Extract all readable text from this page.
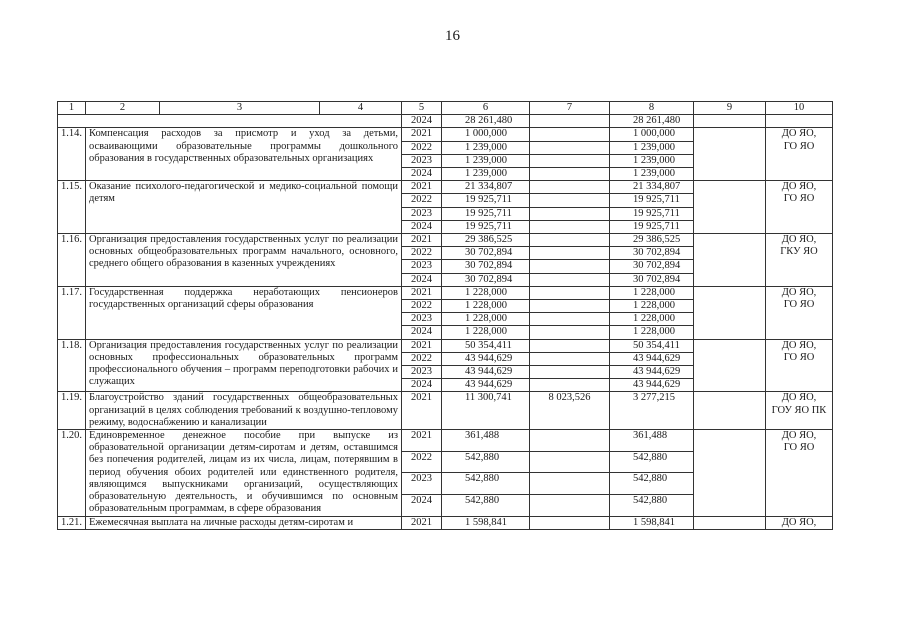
16
1	2	3	4	5	6	7	8	9	10

				2024	28 261,480		28 261,480		

1.14.	Компенсация расходов за присмотр и уход за детьми, осваивающими образовательные программы дошкольного образования в государственных образовательных организациях			2021	1 000,000		1 000,000		ДО ЯО,
ГО ЯО

				2022	1 239,000		1 239,000		

				2023	1 239,000		1 239,000		

				2024	1 239,000		1 239,000		

1.15.	Оказание психолого-педагогической и медико-социальной помощи детям			2021	21 334,807		21 334,807		ДО ЯО,
ГО ЯО

				2022	19 925,711		19 925,711		

				2023	19 925,711		19 925,711		

				2024	19 925,711		19 925,711		

1.16.	Организация предоставления государственных услуг по реализации основных общеобразовательных программ начального, основного, среднего общего образования в казенных учреждениях			2021	29 386,525		29 386,525		ДО ЯО,
ГКУ ЯО

				2022	30 702,894		30 702,894		

				2023	30 702,894		30 702,894		

				2024	30 702,894		30 702,894		

1.17.	Государственная поддержка неработающих пенсионеров государственных организаций сферы образования			2021	1 228,000		1 228,000		ДО ЯО,
ГО ЯО

				2022	1 228,000		1 228,000		

				2023	1 228,000		1 228,000		

				2024	1 228,000		1 228,000		

1.18.	Организация предоставления государственных услуг по реализации основных профессиональных образовательных программ профессионального обучения – программ переподготовки рабочих и служащих			2021	50 354,411		50 354,411		ДО ЯО,
ГО ЯО

				2022	43 944,629		43 944,629		

				2023	43 944,629		43 944,629		

				2024	43 944,629		43 944,629		

1.19.	Благоустройство зданий государственных общеобразовательных организаций в целях соблюдения требований к воздушно-тепловому режиму, водоснабжению и канализации			2021	11 300,741	8 023,526	3 277,215		ДО ЯО,
ГОУ ЯО ПК
1.20.	Единовременное денежное пособие при выпуске из образовательной организации детям-сиротам и детям, оставшимся без попечения родителей, лицам из их числа, лицам, потерявшим в период обучения обоих родителей или единственного родителя, являющимся выпускниками организаций, осуществляющих образовательную деятельность, и обучившимся по основным образовательным программам, в сфере образования			2021	361,488		361,488		ДО ЯО,
ГО ЯО

				2022	542,880		542,880		

				2023	542,880		542,880		

				2024	542,880		542,880		

1.21.	Ежемесячная выплата на личные расходы детям-сиротам и			2021	1 598,841		1 598,841		ДО ЯО,
